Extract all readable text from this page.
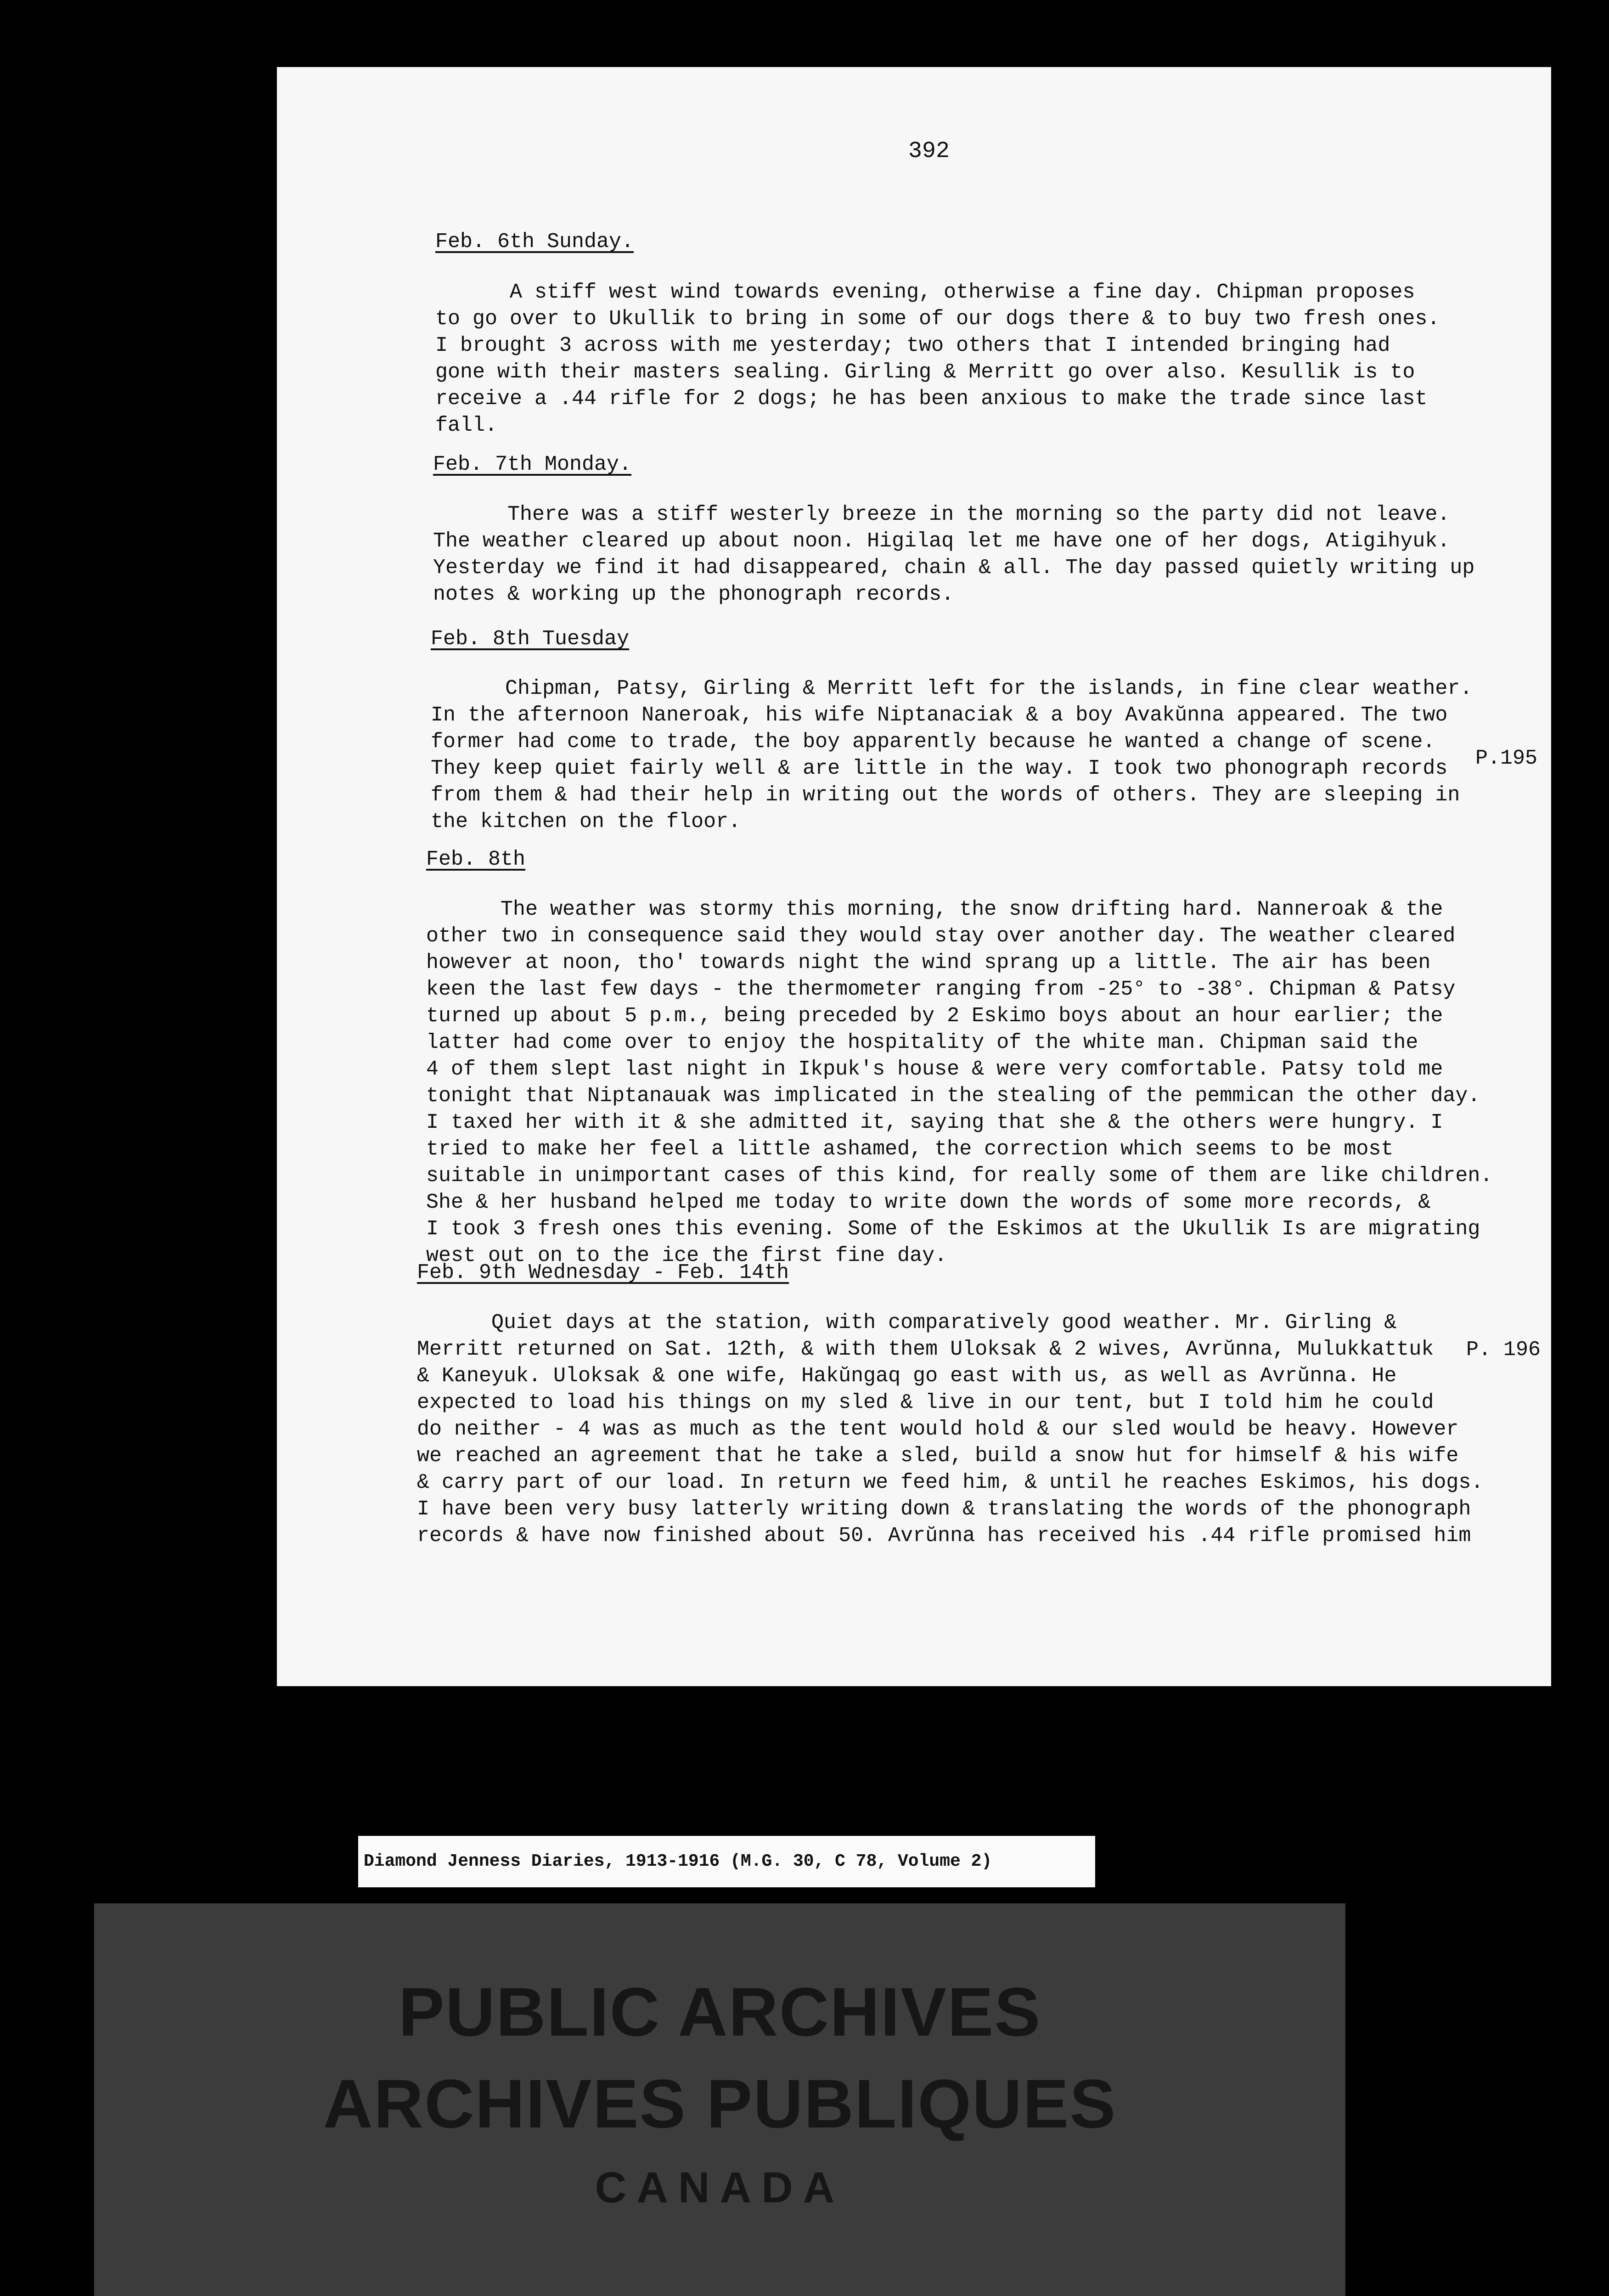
392
Feb. 6th Sunday.
A stiff west wind towards evening, otherwise a fine day. Chipman proposes
to go over to Ukullik to bring in some of our dogs there & to buy two fresh ones.
I brought 3 across with me yesterday; two others that I intended bringing had
gone with their masters sealing. Girling & Merritt go over also. Kesullik is to
receive a .44 rifle for 2 dogs; he has been anxious to make the trade since last
fall.
Feb. 7th Monday.
There was a stiff westerly breeze in the morning so the party did not leave.
The weather cleared up about noon. Higilaq let me have one of her dogs, Atigihyuk.
Yesterday we find it had disappeared, chain & all. The day passed quietly writing up
notes & working up the phonograph records.
Feb. 8th Tuesday
Chipman, Patsy, Girling & Merritt left for the islands, in fine clear weather.
In the afternoon Naneroak, his wife Niptanaciak & a boy Avakŭnna appeared. The two
former had come to trade, the boy apparently because he wanted a change of scene.
They keep quiet fairly well & are little in the way. I took two phonograph records
from them & had their help in writing out the words of others. They are sleeping in
the kitchen on the floor.
P.195
Feb. 8th
The weather was stormy this morning, the snow drifting hard. Nanneroak & the
other two in consequence said they would stay over another day. The weather cleared
however at noon, tho' towards night the wind sprang up a little. The air has been
keen the last few days - the thermometer ranging from -25° to -38°. Chipman & Patsy
turned up about 5 p.m., being preceded by 2 Eskimo boys about an hour earlier; the
latter had come over to enjoy the hospitality of the white man. Chipman said the
4 of them slept last night in Ikpuk's house & were very comfortable. Patsy told me
tonight that Niptanauak was implicated in the stealing of the pemmican the other day.
I taxed her with it & she admitted it, saying that she & the others were hungry. I
tried to make her feel a little ashamed, the correction which seems to be most
suitable in unimportant cases of this kind, for really some of them are like children.
She & her husband helped me today to write down the words of some more records, &
I took 3 fresh ones this evening. Some of the Eskimos at the Ukullik Is are migrating
west out on to the ice the first fine day.
Feb. 9th Wednesday - Feb. 14th
Quiet days at the station, with comparatively good weather. Mr. Girling &
Merritt returned on Sat. 12th, & with them Uloksak & 2 wives, Avrŭnna, Mulukkattuk
& Kaneyuk. Uloksak & one wife, Hakŭngaq go east with us, as well as Avrŭnna. He
expected to load his things on my sled & live in our tent, but I told him he could
do neither - 4 was as much as the tent would hold & our sled would be heavy. However
we reached an agreement that he take a sled, build a snow hut for himself & his wife
& carry part of our load. In return we feed him, & until he reaches Eskimos, his dogs.
I have been very busy latterly writing down & translating the words of the phonograph
records & have now finished about 50. Avrŭnna has received his .44 rifle promised him
P. 196
Diamond Jenness Diaries, 1913-1916 (M.G. 30, C 78, Volume 2)
PUBLIC ARCHIVES
ARCHIVES PUBLIQUES
CANADA
